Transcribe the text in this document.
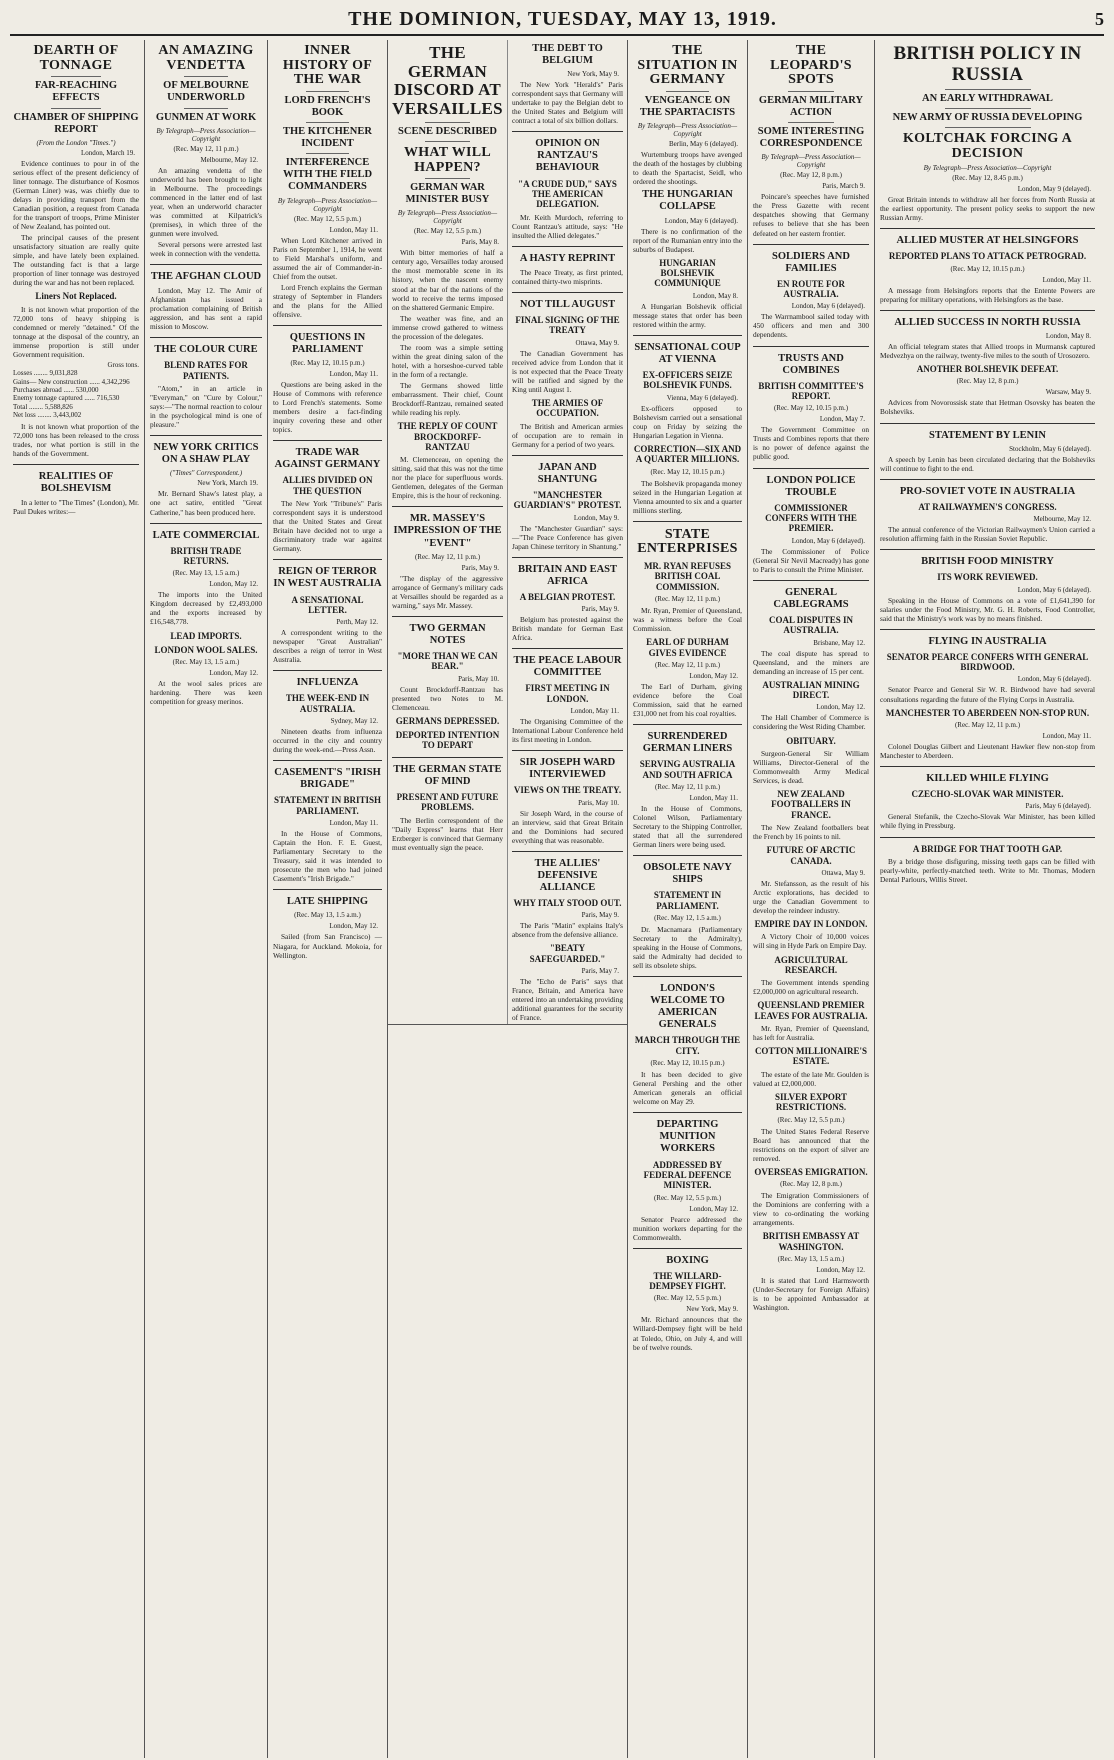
THE DOMINION, TUESDAY, MAY 13, 1919.	5
DEARTH OF TONNAGE
FAR-REACHING EFFECTS
CHAMBER OF SHIPPING REPORT
(From the London "Times.")
London, March 19.

Evidence continues to pour in of the serious effect of the present deficiency of liner tonnage. The disturbance of Kosmos (German Liner) was, was chiefly due to delays in providing transport from the Canadian position, a request from Canada for the transport of troops, Prime Minister of New Zealand, has pointed out.

The principal causes of the present unsatisfactory situation are really quite simple, and have lately been explained. The outstanding fact is that a large proportion of liner tonnage was destroyed during the war and has not been replaced.

Liners Not Replaced.

It is not known what proportion of the 72,000 tons of heavy shipping is condemned or merely "detained." Of the tonnage at the disposal of the country, an immense proportion is still under Government requisition.

Gross tons.
Losses ........ 9,031,828
Gains— New construction ...... 4,342,296
Purchases abroad ...... 530,000
Enemy tonnage captured ...... 716,530
Total ........ 5,588,826
Net loss ........ 3,443,002

It is not known what proportion of the 72,000 tons has been released to the cross trades, nor what portion is still in the hands of the Government.

REALITIES OF BOLSHEVISM

In a letter to "The Times" (London), Mr. Paul Dukes writes:—

AN AMAZING VENDETTA
OF MELBOURNE UNDERWORLD
GUNMEN AT WORK
By Telegraph—Press Association—Copyright
(Rec. May 12, 11 p.m.)
Melbourne, May 12.

An amazing vendetta of the underworld has been brought to light in Melbourne. The proceedings commenced in the latter end of last year, when an underworld character was committed at Kilpatrick's (premises), in which three of the gunmen were involved.

Several persons were arrested last week in connection with the vendetta.

THE AFGHAN CLOUD

London, May 12. The Amir of Afghanistan has issued a proclamation complaining of British aggression, and has sent a rapid mission to Moscow.

THE COLOUR CURE
BLEND RATES FOR PATIENTS.

"Atom," in an article in "Everyman," on "Cure by Colour," says:—"The normal reaction to colour in the psychological mind is one of pleasure."

NEW YORK CRITICS ON A SHAW PLAY
("Times" Correspondent.)
New York, March 19.

Mr. Bernard Shaw's latest play, a one act satire, entitled "Great Catherine," has been produced here.

LATE COMMERCIAL
BRITISH TRADE RETURNS.
(Rec. May 13, 1.5 a.m.)
London, May 12.

The imports into the United Kingdom decreased by £2,493,000 and the exports increased by £16,548,778.

LEAD IMPORTS.
LONDON WOOL SALES.
(Rec. May 13, 1.5 a.m.)
London, May 12.

At the wool sales prices are hardening. There was keen competition for greasy merinos.

INNER HISTORY OF THE WAR
LORD FRENCH'S BOOK
THE KITCHENER INCIDENT
INTERFERENCE WITH THE FIELD COMMANDERS
By Telegraph—Press Association—Copyright
(Rec. May 12, 5.5 p.m.)
London, May 11.

When Lord Kitchener arrived in Paris on September 1, 1914, he went to Field Marshal's uniform, and assumed the air of Commander-in-Chief from the outset.

Lord French explains the German strategy of September in Flanders and the plans for the Allied offensive.

QUESTIONS IN PARLIAMENT
(Rec. May 12, 10.15 p.m.)
London, May 11.

Questions are being asked in the House of Commons with reference to Lord French's statements. Some members desire a fact-finding inquiry covering these and other topics.

TRADE WAR AGAINST GERMANY
ALLIES DIVIDED ON THE QUESTION

The New York "Tribune's" Paris correspondent says it is understood that the United States and Great Britain have decided not to urge a discriminatory trade war against Germany.

REIGN OF TERROR IN WEST AUSTRALIA
A SENSATIONAL LETTER.
Perth, May 12.

A correspondent writing to the newspaper "Great Australian" describes a reign of terror in West Australia.

INFLUENZA
THE WEEK-END IN AUSTRALIA.
Sydney, May 12.

Nineteen deaths from influenza occurred in the city and country during the week-end.—Press Assn.

CASEMENT'S "IRISH BRIGADE"
STATEMENT IN BRITISH PARLIAMENT.
London, May 11.

In the House of Commons, Captain the Hon. F. E. Guest, Parliamentary Secretary to the Treasury, said it was intended to prosecute the men who had joined Casement's "Irish Brigade."

LATE SHIPPING
(Rec. May 13, 1.5 a.m.)
London, May 12.

Sailed (from San Francisco) — Niagara, for Auckland. Mokoia, for Wellington.

THE GERMAN DISCORD AT VERSAILLES
SCENE DESCRIBED
WHAT WILL HAPPEN?
GERMAN WAR MINISTER BUSY
By Telegraph—Press Association—Copyright
(Rec. May 12, 5.5 p.m.)
Paris, May 8.

With bitter memories of half a century ago, Versailles today aroused the most memorable scene in its history, when the nascent enemy stood at the bar of the nations of the world to receive the terms imposed on the shattered Germanic Empire.

The weather was fine, and an immense crowd gathered to witness the procession of the delegates.

The room was a simple setting within the great dining salon of the hotel, with a horseshoe-curved table in the form of a rectangle.

The Germans showed little embarrassment. Their chief, Count Brockdorff-Rantzau, remained seated while reading his reply.

THE REPLY OF COUNT BROCKDORFF-RANTZAU

M. Clemenceau, on opening the sitting, said that this was not the time nor the place for superfluous words. Gentlemen, delegates of the German Empire, this is the hour of reckoning.

MR. MASSEY'S IMPRESSION OF THE "EVENT"
(Rec. May 12, 11 p.m.)
Paris, May 9.

"The display of the aggressive arrogance of Germany's military cads at Versailles should be regarded as a warning," says Mr. Massey.

TWO GERMAN NOTES
"MORE THAN WE CAN BEAR."
Paris, May 10.

Count Brockdorff-Rantzau has presented two Notes to M. Clemenceau.

GERMANS DEPRESSED.
DEPORTED INTENTION TO DEPART
THE GERMAN STATE OF MIND
PRESENT AND FUTURE PROBLEMS.

The Berlin correspondent of the "Daily Express" learns that Herr Erzberger is convinced that Germany must eventually sign the peace.

THE DEBT TO BELGIUM
New York, May 9.

The New York "Herald's" Paris correspondent says that Germany will undertake to pay the Belgian debt to the United States and Belgium will contract a total of six billion dollars.

OPINION ON RANTZAU'S BEHAVIOUR
"A CRUDE DUD," SAYS THE AMERICAN DELEGATION.

Mr. Keith Murdoch, referring to Count Rantzau's attitude, says: "He insulted the Allied delegates."

A HASTY REPRINT

The Peace Treaty, as first printed, contained thirty-two misprints.

NOT TILL AUGUST
FINAL SIGNING OF THE TREATY
Ottawa, May 9.

The Canadian Government has received advice from London that it is not expected that the Peace Treaty will be ratified and signed by the King until August 1.

THE ARMIES OF OCCUPATION.

The British and American armies of occupation are to remain in Germany for a period of two years.

JAPAN AND SHANTUNG
"MANCHESTER GUARDIAN'S" PROTEST.
London, May 9.

The "Manchester Guardian" says:—"The Peace Conference has given Japan Chinese territory in Shantung."

BRITAIN AND EAST AFRICA
A BELGIAN PROTEST.
Paris, May 9.

Belgium has protested against the British mandate for German East Africa.

THE PEACE LABOUR COMMITTEE
FIRST MEETING IN LONDON.
London, May 11.

The Organising Committee of the International Labour Conference held its first meeting in London.

SIR JOSEPH WARD INTERVIEWED
VIEWS ON THE TREATY.
Paris, May 10.

Sir Joseph Ward, in the course of an interview, said that Great Britain and the Dominions had secured everything that was reasonable.

THE ALLIES' DEFENSIVE ALLIANCE
WHY ITALY STOOD OUT.
Paris, May 9.

The Paris "Matin" explains Italy's absence from the defensive alliance.

"BEATY SAFEGUARDED."
Paris, May 7.

The "Echo de Paris" says that France, Britain, and America have entered into an undertaking providing additional guarantees for the security of France.

THE SITUATION IN GERMANY
VENGEANCE ON THE SPARTACISTS
By Telegraph—Press Association—Copyright
Berlin, May 6 (delayed).

Wurtemburg troops have avenged the death of the hostages by clubbing to death the Spartacist, Seidl, who ordered the shootings.

THE HUNGARIAN COLLAPSE
London, May 6 (delayed).

There is no confirmation of the report of the Rumanian entry into the suburbs of Budapest.

HUNGARIAN BOLSHEVIK COMMUNIQUE
London, May 8.

A Hungarian Bolshevik official message states that order has been restored within the army.

SENSATIONAL COUP AT VIENNA
EX-OFFICERS SEIZE BOLSHEVIK FUNDS.
Vienna, May 6 (delayed).

Ex-officers opposed to Bolshevism carried out a sensational coup on Friday by seizing the Hungarian Legation in Vienna.

CORRECTION—SIX AND A QUARTER MILLIONS.
(Rec. May 12, 10.15 p.m.)

The Bolshevik propaganda money seized in the Hungarian Legation at Vienna amounted to six and a quarter millions sterling.

STATE ENTERPRISES
MR. RYAN REFUSES BRITISH COAL COMMISSION.
(Rec. May 12, 11 p.m.)

Mr. Ryan, Premier of Queensland, was a witness before the Coal Commission.

EARL OF DURHAM GIVES EVIDENCE
(Rec. May 12, 11 p.m.)
London, May 12.

The Earl of Durham, giving evidence before the Coal Commission, said that he earned £31,000 net from his coal royalties.

SURRENDERED GERMAN LINERS
SERVING AUSTRALIA AND SOUTH AFRICA
(Rec. May 12, 11 p.m.)
London, May 11.

In the House of Commons, Colonel Wilson, Parliamentary Secretary to the Shipping Controller, stated that all the surrendered German liners were being used.

OBSOLETE NAVY SHIPS
STATEMENT IN PARLIAMENT.
(Rec. May 12, 1.5 a.m.)

Dr. Macnamara (Parliamentary Secretary to the Admiralty), speaking in the House of Commons, said the Admiralty had decided to sell its obsolete ships.

LONDON'S WELCOME TO AMERICAN GENERALS
MARCH THROUGH THE CITY.
(Rec. May 12, 10.15 p.m.)

It has been decided to give General Pershing and the other American generals an official welcome on May 29.

DEPARTING MUNITION WORKERS
ADDRESSED BY FEDERAL DEFENCE MINISTER.
(Rec. May 12, 5.5 p.m.)
London, May 12.

Senator Pearce addressed the munition workers departing for the Commonwealth.

BOXING
THE WILLARD-DEMPSEY FIGHT.
(Rec. May 12, 5.5 p.m.)
New York, May 9.

Mr. Richard announces that the Willard-Dempsey fight will be held at Toledo, Ohio, on July 4, and will be of twelve rounds.

THE LEOPARD'S SPOTS
GERMAN MILITARY ACTION
SOME INTERESTING CORRESPONDENCE
By Telegraph—Press Association—Copyright
(Rec. May 12, 8 p.m.)
Paris, March 9.

Poincare's speeches have furnished the Press Gazette with recent despatches showing that Germany refuses to believe that she has been defeated on her eastern frontier.

SOLDIERS AND FAMILIES
EN ROUTE FOR AUSTRALIA.
London, May 6 (delayed).

The Warrnambool sailed today with 450 officers and men and 300 dependents.

TRUSTS AND COMBINES
BRITISH COMMITTEE'S REPORT.
(Rec. May 12, 10.15 p.m.)
London, May 7.

The Government Committee on Trusts and Combines reports that there is no power of defence against the public good.

LONDON POLICE TROUBLE
COMMISSIONER CONFERS WITH THE PREMIER.
London, May 6 (delayed).

The Commissioner of Police (General Sir Nevil Macready) has gone to Paris to consult the Prime Minister.

GENERAL CABLEGRAMS
COAL DISPUTES IN AUSTRALIA.
Brisbane, May 12.

The coal dispute has spread to Queensland, and the miners are demanding an increase of 15 per cent.

AUSTRALIAN MINING DIRECT.
London, May 12.

The Hall Chamber of Commerce is considering the West Riding Chamber.

OBITUARY.

Surgeon-General Sir William Williams, Director-General of the Commonwealth Army Medical Services, is dead.

NEW ZEALAND FOOTBALLERS IN FRANCE.

The New Zealand footballers beat the French by 16 points to nil.

FUTURE OF ARCTIC CANADA.
Ottawa, May 9.

Mr. Stefansson, as the result of his Arctic explorations, has decided to urge the Canadian Government to develop the reindeer industry.

EMPIRE DAY IN LONDON.

A Victory Choir of 10,000 voices will sing in Hyde Park on Empire Day.

AGRICULTURAL RESEARCH.

The Government intends spending £2,000,000 on agricultural research.

QUEENSLAND PREMIER LEAVES FOR AUSTRALIA.

Mr. Ryan, Premier of Queensland, has left for Australia.

COTTON MILLIONAIRE'S ESTATE.

The estate of the late Mr. Goulden is valued at £2,000,000.

SILVER EXPORT RESTRICTIONS.
(Rec. May 12, 5.5 p.m.)

The United States Federal Reserve Board has announced that the restrictions on the export of silver are removed.

OVERSEAS EMIGRATION.
(Rec. May 12, 8 p.m.)

The Emigration Commissioners of the Dominions are conferring with a view to co-ordinating the working arrangements.

BRITISH EMBASSY AT WASHINGTON.
(Rec. May 13, 1.5 a.m.)
London, May 12.

It is stated that Lord Harmsworth (Under-Secretary for Foreign Affairs) is to be appointed Ambassador at Washington.

BRITISH POLICY IN RUSSIA
AN EARLY WITHDRAWAL
NEW ARMY OF RUSSIA DEVELOPING
KOLTCHAK FORCING A DECISION
By Telegraph—Press Association—Copyright
(Rec. May 12, 8.45 p.m.)
London, May 9 (delayed).

Great Britain intends to withdraw all her forces from North Russia at the earliest opportunity. The present policy seeks to support the new Russian Army.

ALLIED MUSTER AT HELSINGFORS
REPORTED PLANS TO ATTACK PETROGRAD.
(Rec. May 12, 10.15 p.m.)
London, May 11.

A message from Helsingfors reports that the Entente Powers are preparing for military operations, with Helsingfors as the base.

ALLIED SUCCESS IN NORTH RUSSIA
London, May 8.

An official telegram states that Allied troops in Murmansk captured Medvezhya on the railway, twenty-five miles to the south of Urosozero.

ANOTHER BOLSHEVIK DEFEAT.
(Rec. May 12, 8 p.m.)
Warsaw, May 9.

Advices from Novorossisk state that Hetman Osovsky has beaten the Bolsheviks.

STATEMENT BY LENIN
Stockholm, May 6 (delayed).

A speech by Lenin has been circulated declaring that the Bolsheviks will continue to fight to the end.

PRO-SOVIET VOTE IN AUSTRALIA
AT RAILWAYMEN'S CONGRESS.
Melbourne, May 12.

The annual conference of the Victorian Railwaymen's Union carried a resolution affirming faith in the Russian Soviet Republic.

BRITISH FOOD MINISTRY
ITS WORK REVIEWED.
London, May 6 (delayed).

Speaking in the House of Commons on a vote of £1,641,390 for salaries under the Food Ministry, Mr. G. H. Roberts, Food Controller, said that the Ministry's work was by no means finished.

FLYING IN AUSTRALIA
SENATOR PEARCE CONFERS WITH GENERAL BIRDWOOD.
London, May 6 (delayed).

Senator Pearce and General Sir W. R. Birdwood have had several consultations regarding the future of the Flying Corps in Australia.

MANCHESTER TO ABERDEEN NON-STOP RUN.
(Rec. May 12, 11 p.m.)
London, May 11.

Colonel Douglas Gilbert and Lieutenant Hawker flew non-stop from Manchester to Aberdeen.

KILLED WHILE FLYING
CZECHO-SLOVAK WAR MINISTER.
Paris, May 6 (delayed).

General Stefanik, the Czecho-Slovak War Minister, has been killed while flying in Pressburg.

A BRIDGE FOR THAT TOOTH GAP.

By a bridge those disfiguring, missing teeth gaps can be filled with pearly-white, perfectly-matched teeth. Write to Mr. Thomas, Modern Dental Parlours, Willis Street.
